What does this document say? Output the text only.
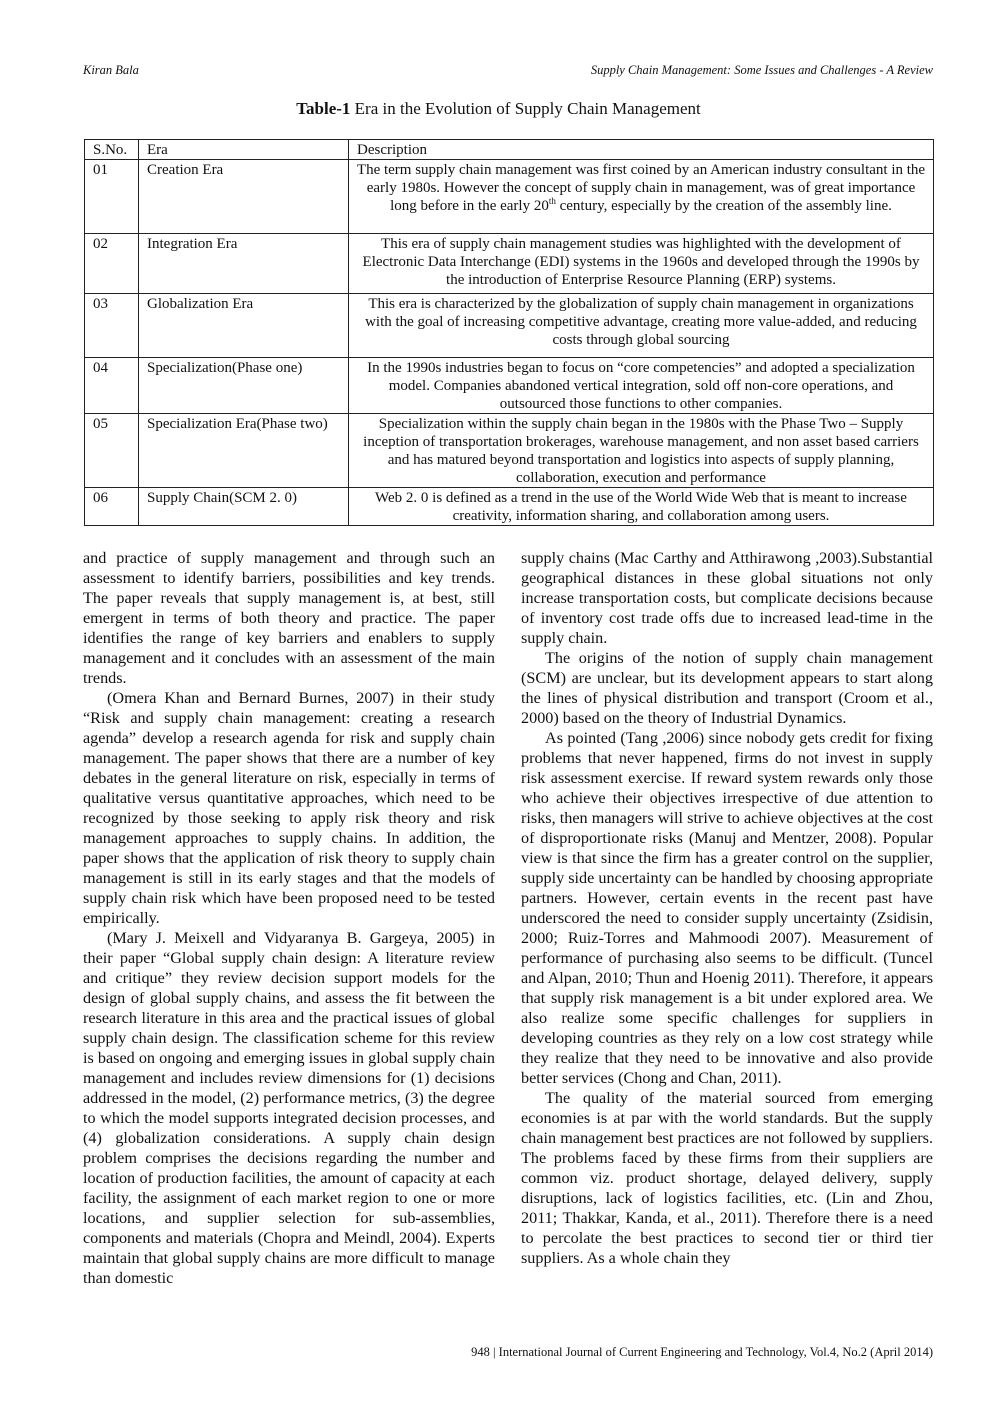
Kiran Bala	Supply Chain Management: Some Issues and Challenges - A Review
Table-1 Era in the Evolution of Supply Chain Management
S.No.	Era	Description
01	Creation Era	The term supply chain management was first coined by an American industry consultant in the early 1980s. However the concept of supply chain in management, was of great importance long before in the early 20th century, especially by the creation of the assembly line.
02	Integration Era	This era of supply chain management studies was highlighted with the development of Electronic Data Interchange (EDI) systems in the 1960s and developed through the 1990s by the introduction of Enterprise Resource Planning (ERP) systems.
03	Globalization Era	This era is characterized by the globalization of supply chain management in organizations with the goal of increasing competitive advantage, creating more value-added, and reducing costs through global sourcing
04	Specialization(Phase one)	In the 1990s industries began to focus on “core competencies” and adopted a specialization model. Companies abandoned vertical integration, sold off non-core operations, and outsourced those functions to other companies.
05	Specialization Era(Phase two)	Specialization within the supply chain began in the 1980s with the Phase Two – Supply inception of transportation brokerages, warehouse management, and non asset based carriers and has matured beyond transportation and logistics into aspects of supply planning, collaboration, execution and performance
06	Supply Chain(SCM 2. 0)	Web 2. 0 is defined as a trend in the use of the World Wide Web that is meant to increase creativity, information sharing, and collaboration among users.

and practice of supply management and through such an assessment to identify barriers, possibilities and key trends. The paper reveals that supply management is, at best, still emergent in terms of both theory and practice. The paper identifies the range of key barriers and enablers to supply management and it concludes with an assessment of the main trends.

(Omera Khan and Bernard Burnes, 2007) in their study “Risk and supply chain management: creating a research agenda” develop a research agenda for risk and supply chain management. The paper shows that there are a number of key debates in the general literature on risk, especially in terms of qualitative versus quantitative approaches, which need to be recognized by those seeking to apply risk theory and risk management approaches to supply chains. In addition, the paper shows that the application of risk theory to supply chain management is still in its early stages and that the models of supply chain risk which have been proposed need to be tested empirically.

(Mary J. Meixell and Vidyaranya B. Gargeya, 2005) in their paper “Global supply chain design: A literature review and critique” they review decision support models for the design of global supply chains, and assess the fit between the research literature in this area and the practical issues of global supply chain design. The classification scheme for this review is based on ongoing and emerging issues in global supply chain management and includes review dimensions for (1) decisions addressed in the model, (2) performance metrics, (3) the degree to which the model supports integrated decision processes, and (4) globalization considerations. A supply chain design problem comprises the decisions regarding the number and location of production facilities, the amount of capacity at each facility, the assignment of each market region to one or more locations, and supplier selection for sub-assemblies, components and materials (Chopra and Meindl, 2004). Experts maintain that global supply chains are more difficult to manage than domestic

supply chains (Mac Carthy and Atthirawong ,2003).Substantial geographical distances in these global situations not only increase transportation costs, but complicate decisions because of inventory cost trade offs due to increased lead-time in the supply chain.

The origins of the notion of supply chain management (SCM) are unclear, but its development appears to start along the lines of physical distribution and transport (Croom et al., 2000) based on the theory of Industrial Dynamics.

As pointed (Tang ,2006) since nobody gets credit for fixing problems that never happened, firms do not invest in supply risk assessment exercise. If reward system rewards only those who achieve their objectives irrespective of due attention to risks, then managers will strive to achieve objectives at the cost of disproportionate risks (Manuj and Mentzer, 2008). Popular view is that since the firm has a greater control on the supplier, supply side uncertainty can be handled by choosing appropriate partners. However, certain events in the recent past have underscored the need to consider supply uncertainty (Zsidisin, 2000; Ruiz-Torres and Mahmoodi 2007). Measurement of performance of purchasing also seems to be difficult. (Tuncel and Alpan, 2010; Thun and Hoenig 2011). Therefore, it appears that supply risk management is a bit under explored area. We also realize some specific challenges for suppliers in developing countries as they rely on a low cost strategy while they realize that they need to be innovative and also provide better services (Chong and Chan, 2011).

The quality of the material sourced from emerging economies is at par with the world standards. But the supply chain management best practices are not followed by suppliers. The problems faced by these firms from their suppliers are common viz. product shortage, delayed delivery, supply disruptions, lack of logistics facilities, etc. (Lin and Zhou, 2011; Thakkar, Kanda, et al., 2011). Therefore there is a need to percolate the best practices to second tier or third tier suppliers. As a whole chain they

948 | International Journal of Current Engineering and Technology, Vol.4, No.2 (April 2014)
